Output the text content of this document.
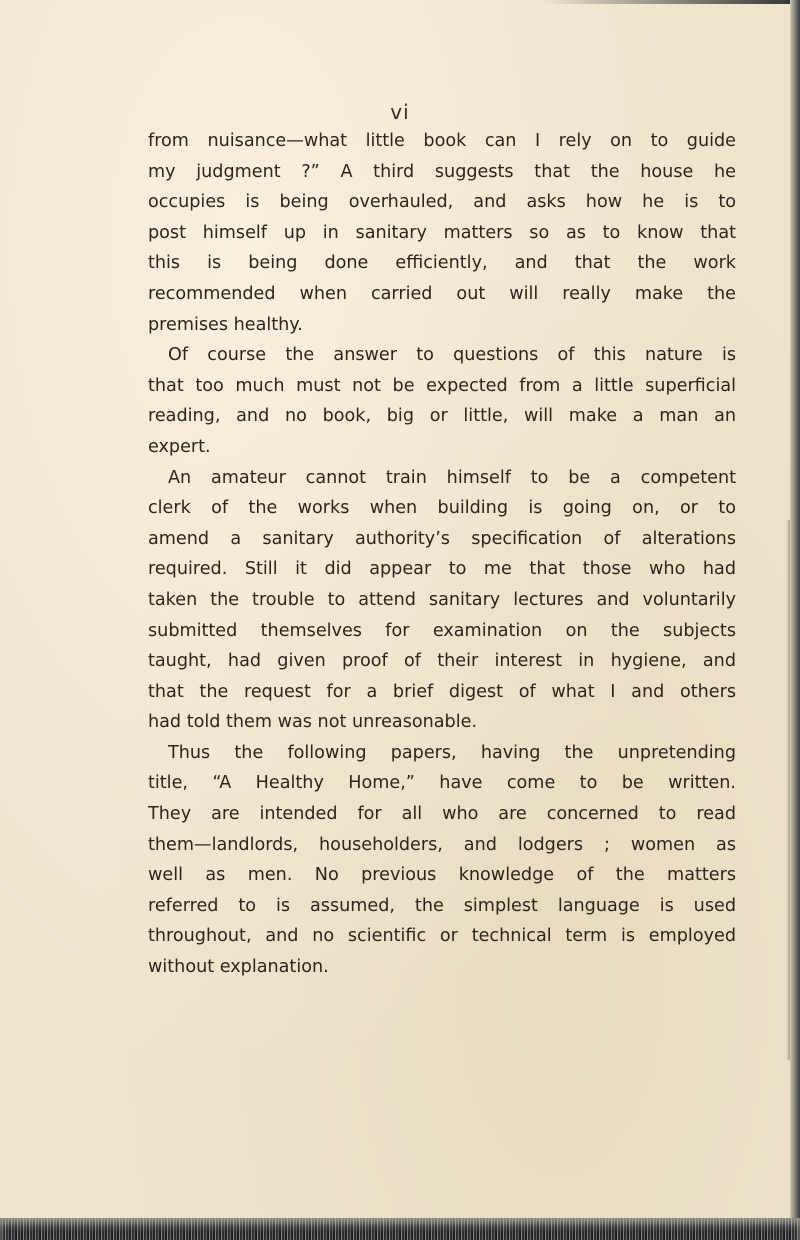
vi
from nuisance—what little book can I rely on to guide
my judgment ?” A third suggests that the house he
occupies is being overhauled, and asks how he is to
post himself up in sanitary matters so as to know that
this is being done efficiently, and that the work
recommended when carried out will really make the
premises healthy.
Of course the answer to questions of this nature is
that too much must not be expected from a little superficial
reading, and no book, big or little, will make a man an
expert.
An amateur cannot train himself to be a competent
clerk of the works when building is going on, or to
amend a sanitary authority’s specification of alterations
required. Still it did appear to me that those who had
taken the trouble to attend sanitary lectures and voluntarily
submitted themselves for examination on the subjects
taught, had given proof of their interest in hygiene, and
that the request for a brief digest of what I and others
had told them was not unreasonable.
Thus the following papers, having the unpretending
title, “A Healthy Home,” have come to be written.
They are intended for all who are concerned to read
them—landlords, householders, and lodgers ; women as
well as men. No previous knowledge of the matters
referred to is assumed, the simplest language is used
throughout, and no scientific or technical term is employed
without explanation.
